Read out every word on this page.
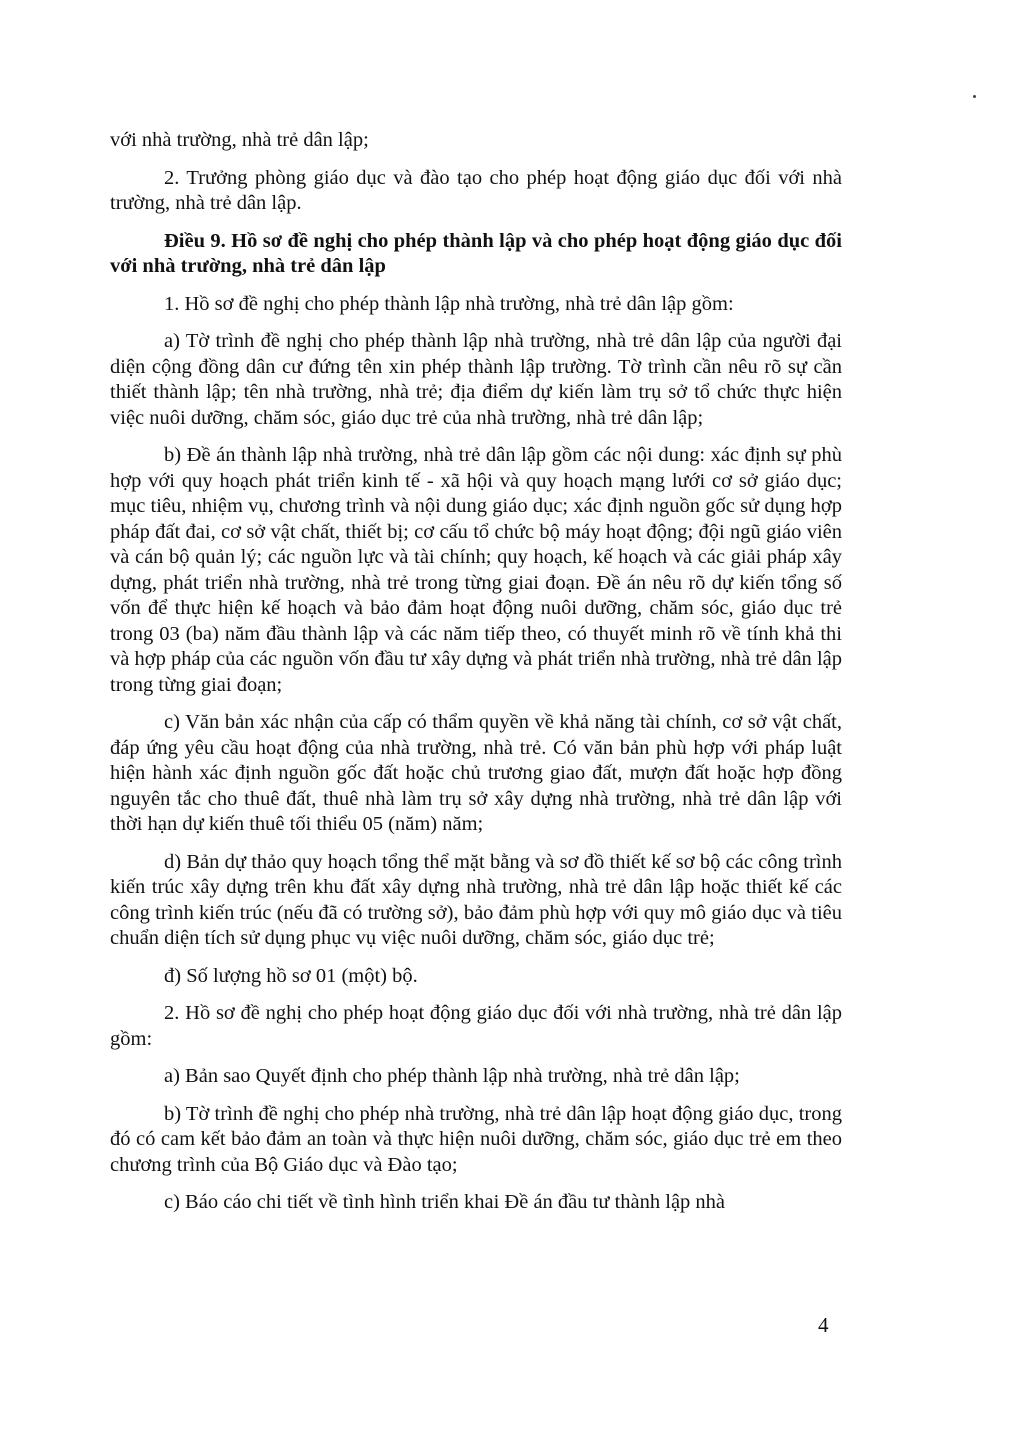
với nhà trường, nhà trẻ dân lập;

2. Trưởng phòng giáo dục và đào tạo cho phép hoạt động giáo dục đối với nhà trường, nhà trẻ dân lập.

Điều 9. Hồ sơ đề nghị cho phép thành lập và cho phép hoạt động giáo dục đối với nhà trường, nhà trẻ dân lập

1. Hồ sơ đề nghị cho phép thành lập nhà trường, nhà trẻ dân lập gồm:

a) Tờ trình đề nghị cho phép thành lập nhà trường, nhà trẻ dân lập của người đại diện cộng đồng dân cư đứng tên xin phép thành lập trường. Tờ trình cần nêu rõ sự cần thiết thành lập; tên nhà trường, nhà trẻ; địa điểm dự kiến làm trụ sở tổ chức thực hiện việc nuôi dưỡng, chăm sóc, giáo dục trẻ của nhà trường, nhà trẻ dân lập;

b) Đề án thành lập nhà trường, nhà trẻ dân lập gồm các nội dung: xác định sự phù hợp với quy hoạch phát triển kinh tế - xã hội và quy hoạch mạng lưới cơ sở giáo dục; mục tiêu, nhiệm vụ, chương trình và nội dung giáo dục; xác định nguồn gốc sử dụng hợp pháp đất đai, cơ sở vật chất, thiết bị; cơ cấu tổ chức bộ máy hoạt động; đội ngũ giáo viên và cán bộ quản lý; các nguồn lực và tài chính; quy hoạch, kế hoạch và các giải pháp xây dựng, phát triển nhà trường, nhà trẻ trong từng giai đoạn. Đề án nêu rõ dự kiến tổng số vốn để thực hiện kế hoạch và bảo đảm hoạt động nuôi dưỡng, chăm sóc, giáo dục trẻ trong 03 (ba) năm đầu thành lập và các năm tiếp theo, có thuyết minh rõ về tính khả thi và hợp pháp của các nguồn vốn đầu tư xây dựng và phát triển nhà trường, nhà trẻ dân lập trong từng giai đoạn;

c) Văn bản xác nhận của cấp có thẩm quyền về khả năng tài chính, cơ sở vật chất, đáp ứng yêu cầu hoạt động của nhà trường, nhà trẻ. Có văn bản phù hợp với pháp luật hiện hành xác định nguồn gốc đất hoặc chủ trương giao đất, mượn đất hoặc hợp đồng nguyên tắc cho thuê đất, thuê nhà làm trụ sở xây dựng nhà trường, nhà trẻ dân lập với thời hạn dự kiến thuê tối thiểu 05 (năm) năm;

d) Bản dự thảo quy hoạch tổng thể mặt bằng và sơ đồ thiết kế sơ bộ các công trình kiến trúc xây dựng trên khu đất xây dựng nhà trường, nhà trẻ dân lập hoặc thiết kế các công trình kiến trúc (nếu đã có trường sở), bảo đảm phù hợp với quy mô giáo dục và tiêu chuẩn diện tích sử dụng phục vụ việc nuôi dưỡng, chăm sóc, giáo dục trẻ;

đ) Số lượng hồ sơ 01 (một) bộ.

2. Hồ sơ đề nghị cho phép hoạt động giáo dục đối với nhà trường, nhà trẻ dân lập gồm:

a) Bản sao Quyết định cho phép thành lập nhà trường, nhà trẻ dân lập;

b) Tờ trình đề nghị cho phép nhà trường, nhà trẻ dân lập hoạt động giáo dục, trong đó có cam kết bảo đảm an toàn và thực hiện nuôi dưỡng, chăm sóc, giáo dục trẻ em theo chương trình của Bộ Giáo dục và Đào tạo;

c) Báo cáo chi tiết về tình hình triển khai Đề án đầu tư thành lập nhà

4
